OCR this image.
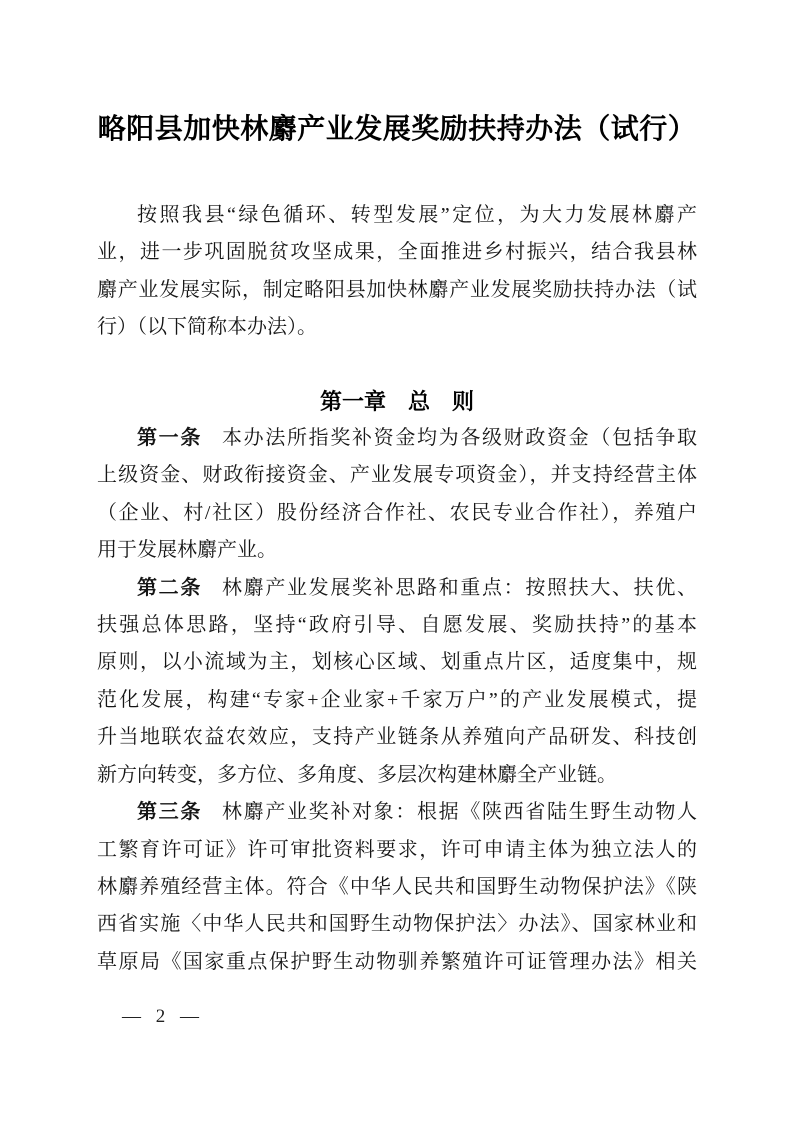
略阳县加快林麝产业发展奖励扶持办法（试行）
按照我县“绿色循环、转型发展”定位，为大力发展林麝产
业，进一步巩固脱贫攻坚成果，全面推进乡村振兴，结合我县林
麝产业发展实际，制定略阳县加快林麝产业发展奖励扶持办法（试
行）（以下简称本办法）。
第一章　总　则
第一条 本办法所指奖补资金均为各级财政资金（包括争取
上级资金、财政衔接资金、产业发展专项资金），并支持经营主体
（企业、村/社区）股份经济合作社、农民专业合作社），养殖户
用于发展林麝产业。
第二条 林麝产业发展奖补思路和重点：按照扶大、扶优、
扶强总体思路，坚持“政府引导、自愿发展、奖励扶持”的基本
原则，以小流域为主，划核心区域、划重点片区，适度集中，规
范化发展，构建“专家+企业家+千家万户”的产业发展模式，提
升当地联农益农效应，支持产业链条从养殖向产品研发、科技创
新方向转变，多方位、多角度、多层次构建林麝全产业链。
第三条 林麝产业奖补对象：根据《陕西省陆生野生动物人
工繁育许可证》许可审批资料要求，许可申请主体为独立法人的
林麝养殖经营主体。符合《中华人民共和国野生动物保护法》《陕
西省实施〈中华人民共和国野生动物保护法〉办法》、国家林业和
草原局《国家重点保护野生动物驯养繁殖许可证管理办法》相关
— 2 —
